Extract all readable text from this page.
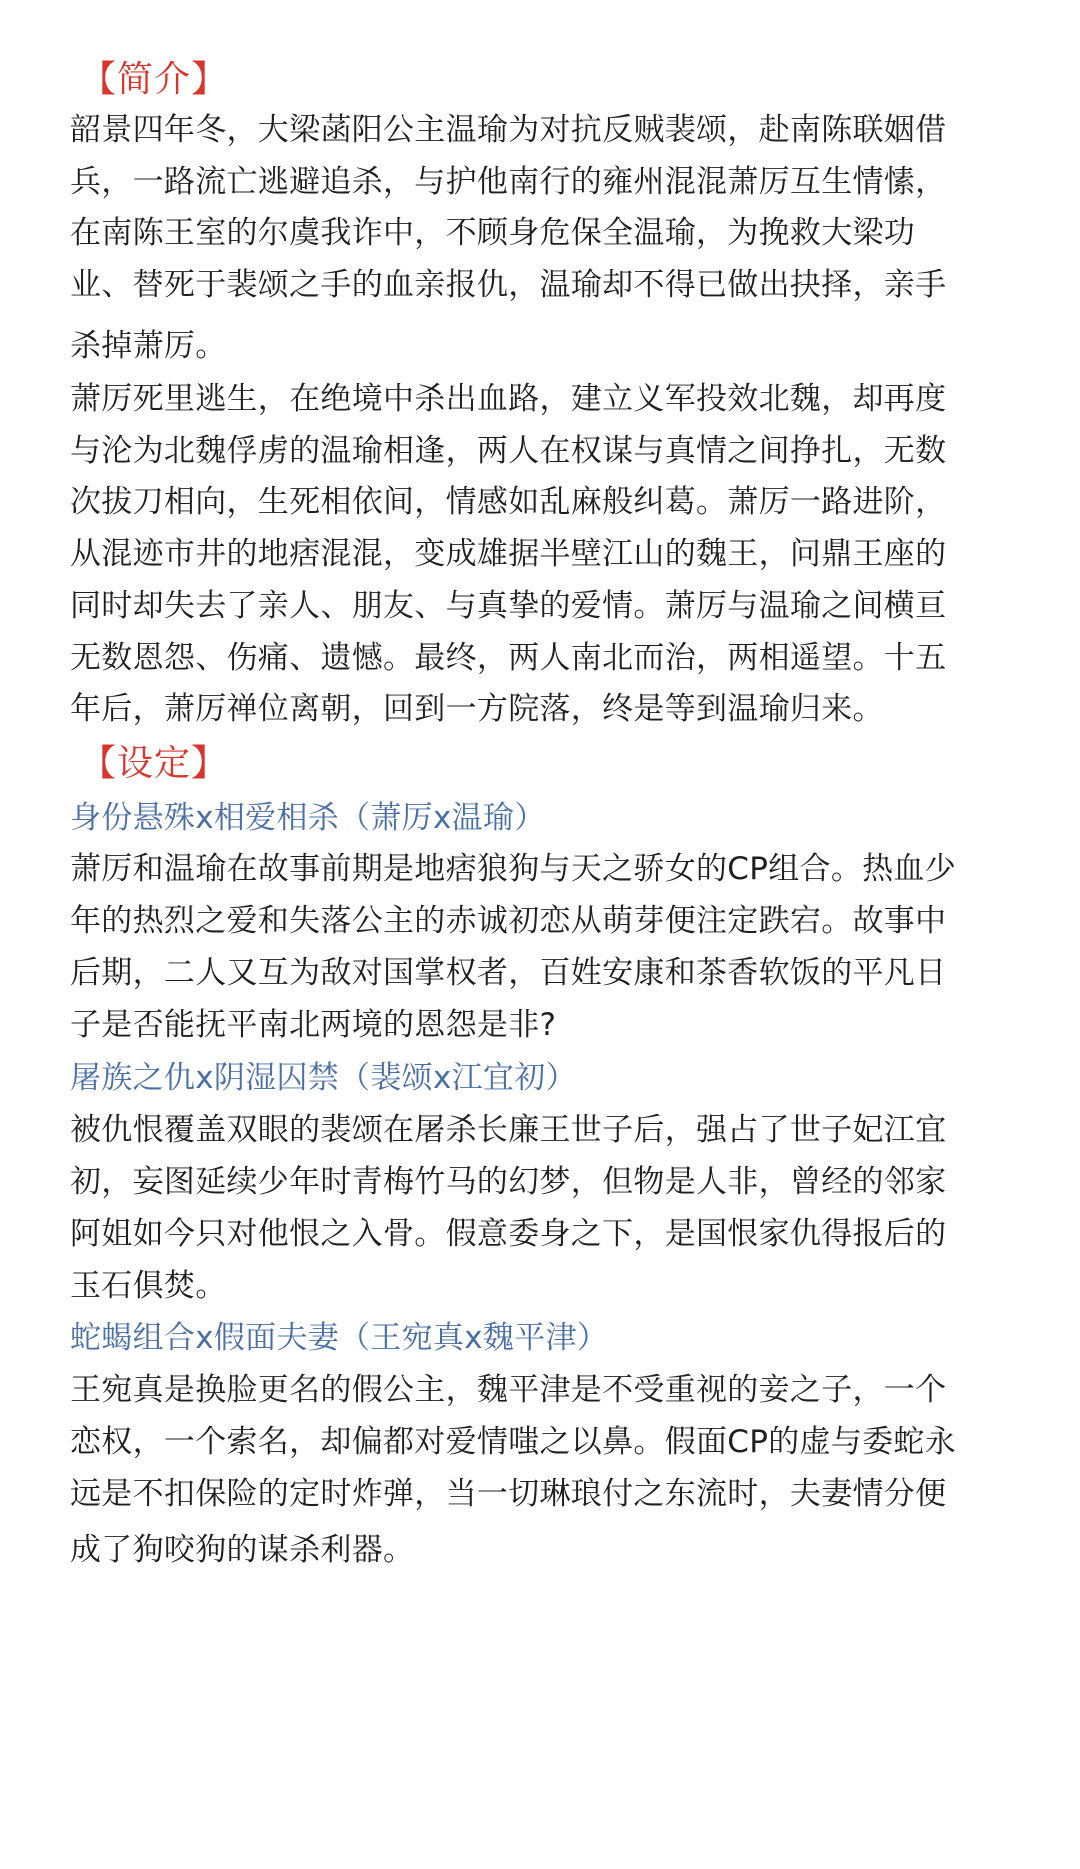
【简介】
韶景四年冬，大梁菡阳公主温瑜为对抗反贼裴颂，赴南陈联姻借
兵，一路流亡逃避追杀，与护他南行的雍州混混萧厉互生情愫，
在南陈王室的尔虞我诈中，不顾身危保全温瑜，为挽救大梁功
业、替死于裴颂之手的血亲报仇，温瑜却不得已做出抉择，亲手
杀掉萧厉。
萧厉死里逃生，在绝境中杀出血路，建立义军投效北魏，却再度
与沦为北魏俘虏的温瑜相逢，两人在权谋与真情之间挣扎，无数
次拔刀相向，生死相依间，情感如乱麻般纠葛。萧厉一路进阶，
从混迹市井的地痞混混，变成雄据半壁江山的魏王，问鼎王座的
同时却失去了亲人、朋友、与真挚的爱情。萧厉与温瑜之间横亘
无数恩怨、伤痛、遗憾。最终，两人南北而治，两相遥望。十五
年后，萧厉禅位离朝，回到一方院落，终是等到温瑜归来。
【设定】
身份悬殊x相爱相杀（萧厉x温瑜）
萧厉和温瑜在故事前期是地痞狼狗与天之骄女的CP组合。热血少
年的热烈之爱和失落公主的赤诚初恋从萌芽便注定跌宕。故事中
后期，二人又互为敌对国掌权者，百姓安康和茶香软饭的平凡日
子是否能抚平南北两境的恩怨是非?
屠族之仇x阴湿囚禁（裴颂x江宜初）
被仇恨覆盖双眼的裴颂在屠杀长廉王世子后，强占了世子妃江宜
初，妄图延续少年时青梅竹马的幻梦，但物是人非，曾经的邻家
阿姐如今只对他恨之入骨。假意委身之下，是国恨家仇得报后的
玉石俱焚。
蛇蝎组合x假面夫妻（王宛真x魏平津）
王宛真是换脸更名的假公主，魏平津是不受重视的妾之子，一个
恋权，一个索名，却偏都对爱情嗤之以鼻。假面CP的虚与委蛇永
远是不扣保险的定时炸弹，当一切琳琅付之东流时，夫妻情分便
成了狗咬狗的谋杀利器。
